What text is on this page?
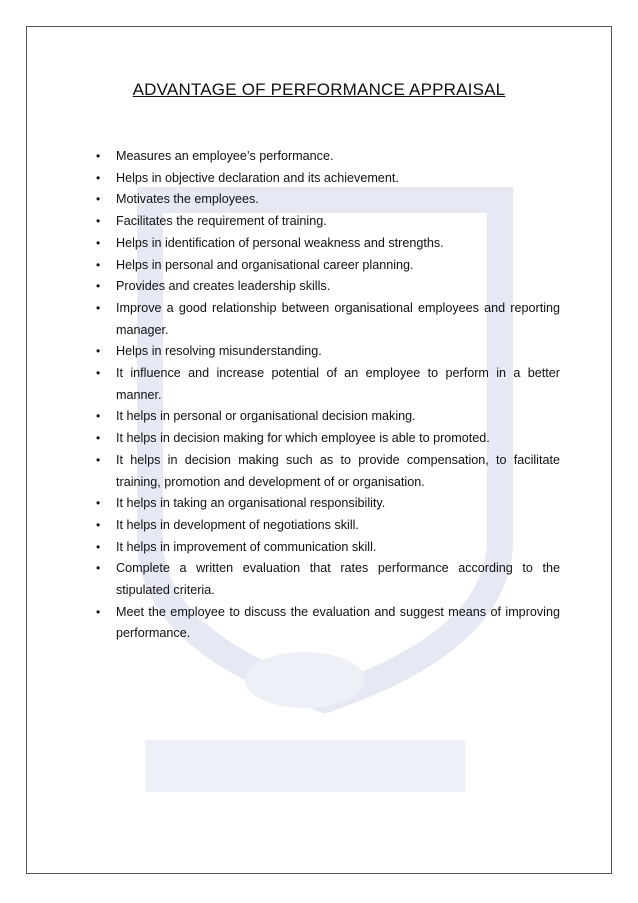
ADVANTAGE OF PERFORMANCE APPRAISAL
• Measures an employee’s performance.
• Helps in objective declaration and its achievement.
• Motivates the employees.
• Facilitates the requirement of training.
• Helps in identification of personal weakness and strengths.
• Helps in personal and organisational career planning.
• Provides and creates leadership skills.
• Improve a good relationship between organisational employees and reporting manager.
• Helps in resolving misunderstanding.
• It influence and increase potential of an employee to perform in a better manner.
• It helps in personal or organisational decision making.
• It helps in decision making for which employee is able to promoted.
• It helps in decision making such as to provide compensation, to facilitate training, promotion and development of or organisation.
• It helps in taking an organisational responsibility.
• It helps in development of negotiations skill.
• It helps in improvement of communication skill.
• Complete a written evaluation that rates performance according to the stipulated criteria.
• Meet the employee to discuss the evaluation and suggest means of improving performance.
